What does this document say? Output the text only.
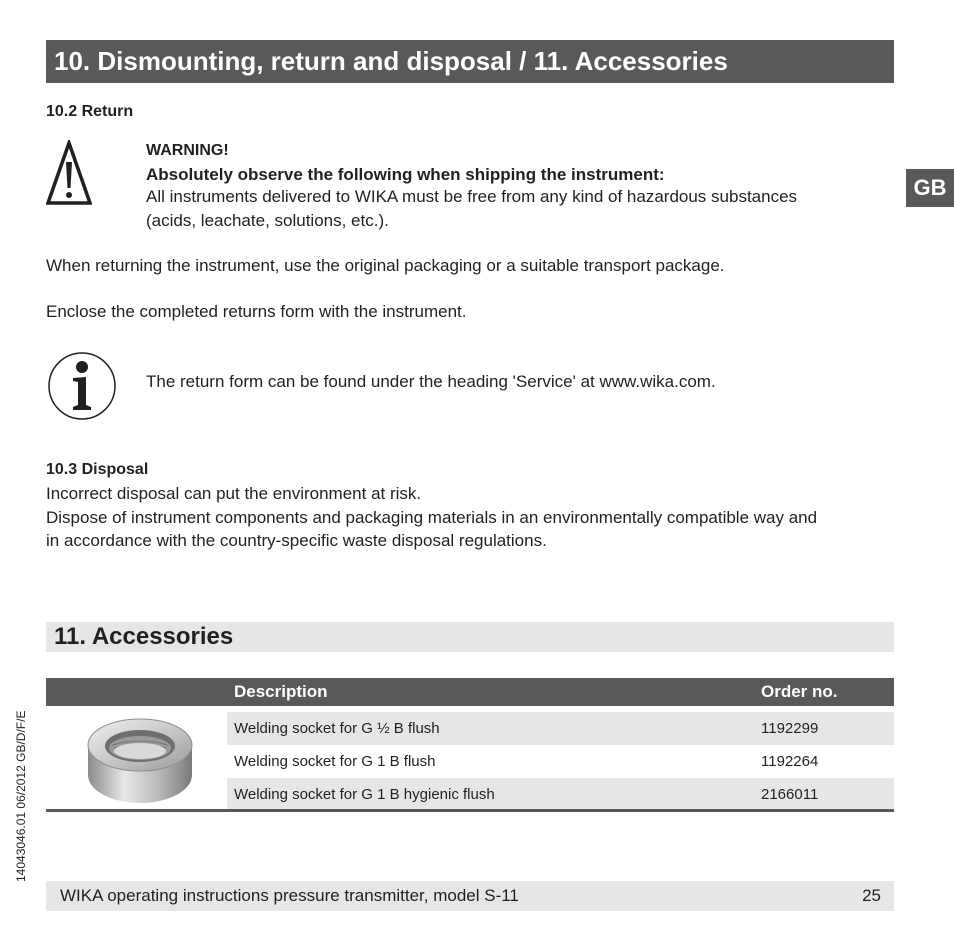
10. Dismounting, return and disposal / 11. Accessories
GB
10.2 Return
WARNING!
Absolutely observe the following when shipping the instrument:
All instruments delivered to WIKA must be free from any kind of hazardous substances
(acids, leachate, solutions, etc.).
When returning the instrument, use the original packaging or a suitable transport package.
Enclose the completed returns form with the instrument.
The return form can be found under the heading 'Service' at www.wika.com.
10.3 Disposal
Incorrect disposal can put the environment at risk.
Dispose of instrument components and packaging materials in an environmentally compatible way and
in accordance with the country-specific waste disposal regulations.
11. Accessories
Description	Order no.
Welding socket for G ½ B flush	1192299
Welding socket for G 1 B flush	1192264
Welding socket for G 1 B hygienic flush	2166011
14043046.01 06/2012 GB/D/F/E
WIKA operating instructions pressure transmitter, model S-11	25
